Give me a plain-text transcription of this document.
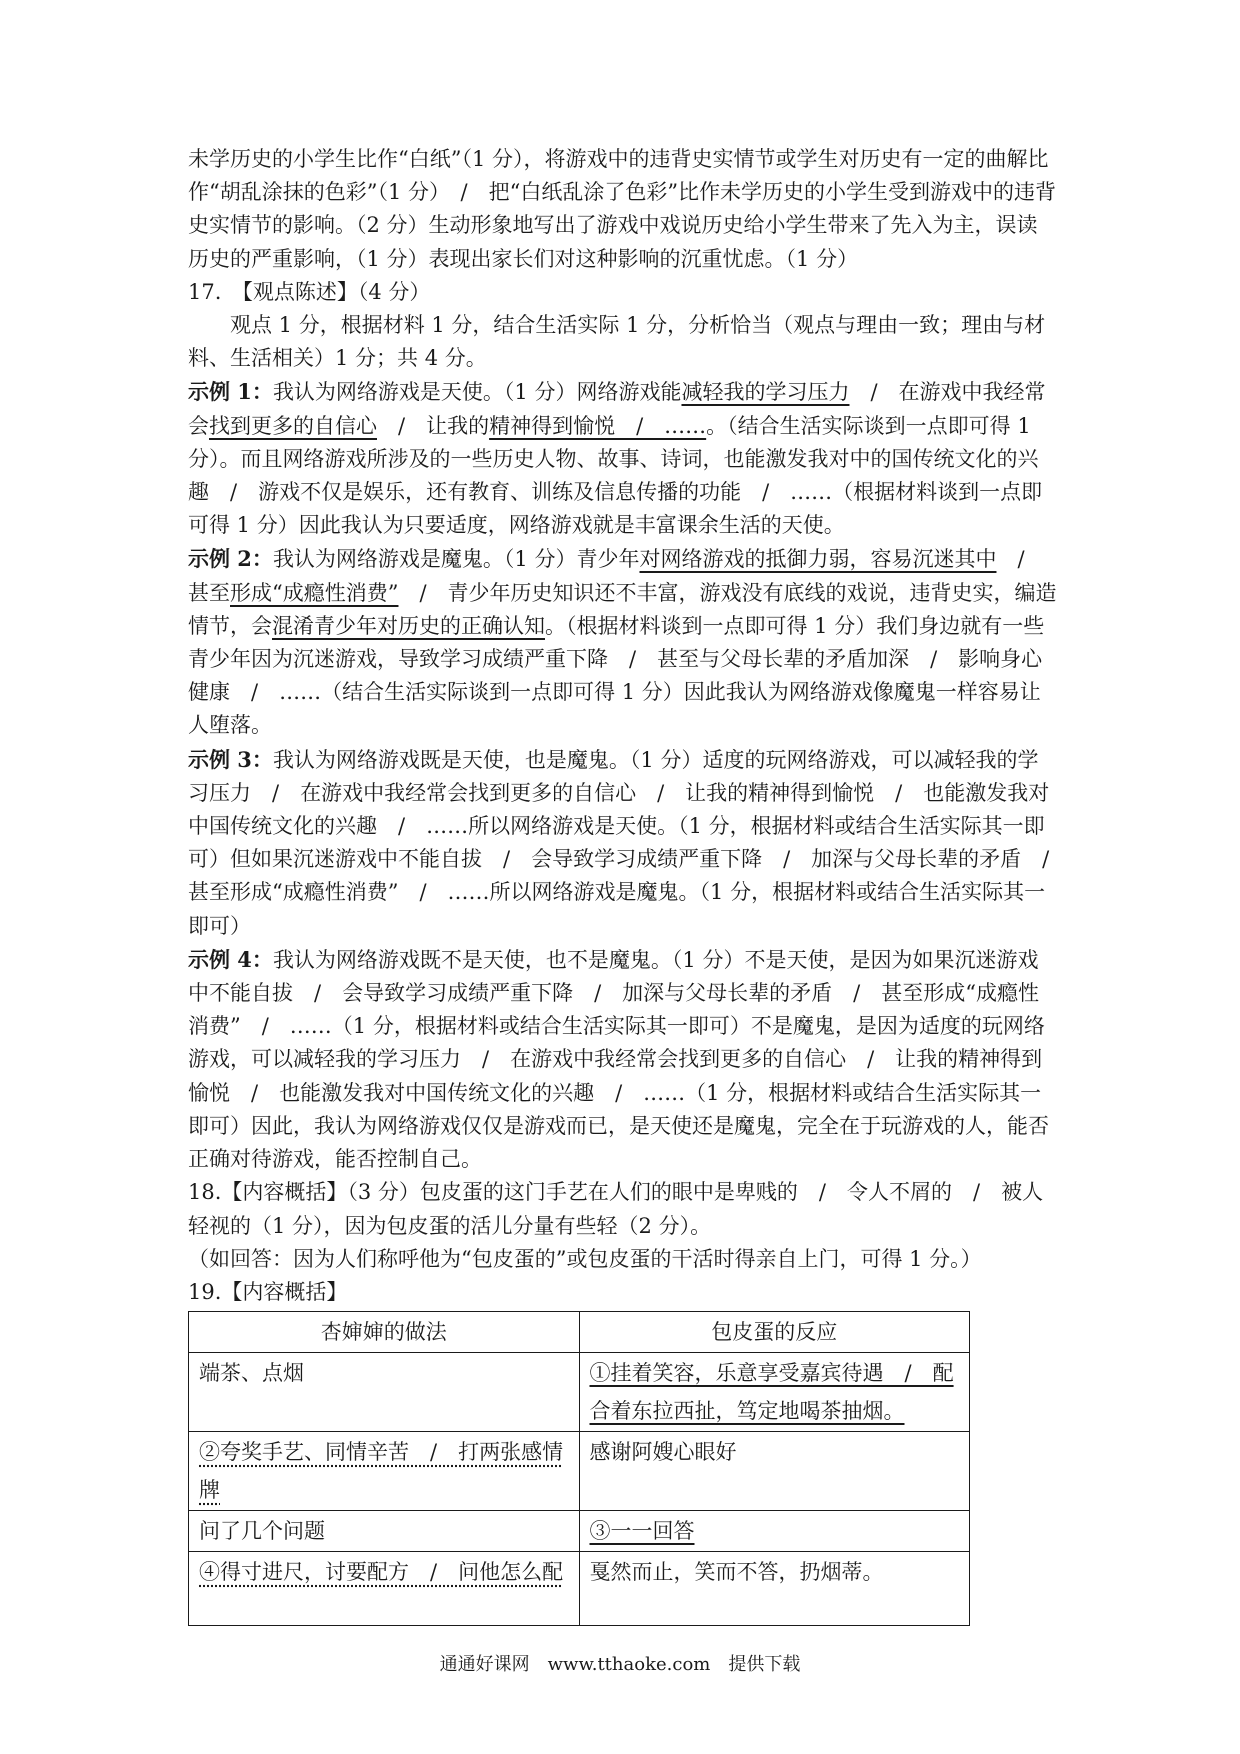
未学历史的小学生比作“白纸”（1 分），将游戏中的违背史实情节或学生对历史有一定的曲解比作“胡乱涂抹的色彩”（1 分）　/　把“白纸乱涂了色彩”比作未学历史的小学生受到游戏中的违背史实情节的影响。（2 分）生动形象地写出了游戏中戏说历史给小学生带来了先入为主，误读历史的严重影响，（1 分）表现出家长们对这种影响的沉重忧虑。（1 分）

17.　【观点陈述】（4 分）

观点 1 分，根据材料 1 分，结合生活实际 1 分，分析恰当（观点与理由一致；理由与材料、生活相关）1 分；共 4 分。

示例 1：我认为网络游戏是天使。（1 分）网络游戏能减轻我的学习压力　/　在游戏中我经常会找到更多的自信心　/　让我的精神得到愉悦　/　……。（结合生活实际谈到一点即可得 1 分）。而且网络游戏所涉及的一些历史人物、故事、诗词，也能激发我对中的国传统文化的兴趣　/　游戏不仅是娱乐，还有教育、训练及信息传播的功能　/　……（根据材料谈到一点即可得 1 分）因此我认为只要适度，网络游戏就是丰富课余生活的天使。

示例 2：我认为网络游戏是魔鬼。（1 分）青少年对网络游戏的抵御力弱，容易沉迷其中　/　甚至形成“成瘾性消费”　/　青少年历史知识还不丰富，游戏没有底线的戏说，违背史实，编造情节，会混淆青少年对历史的正确认知。（根据材料谈到一点即可得 1 分）我们身边就有一些青少年因为沉迷游戏，导致学习成绩严重下降　/　甚至与父母长辈的矛盾加深　/　影响身心健康　/　……（结合生活实际谈到一点即可得 1 分）因此我认为网络游戏像魔鬼一样容易让人堕落。

示例 3：我认为网络游戏既是天使，也是魔鬼。（1 分）适度的玩网络游戏，可以减轻我的学习压力　/　在游戏中我经常会找到更多的自信心　/　让我的精神得到愉悦　/　也能激发我对中国传统文化的兴趣　/　……所以网络游戏是天使。（1 分，根据材料或结合生活实际其一即可）但如果沉迷游戏中不能自拔　/　会导致学习成绩严重下降　/　加深与父母长辈的矛盾　/　甚至形成“成瘾性消费”　/　……所以网络游戏是魔鬼。（1 分，根据材料或结合生活实际其一即可）

示例 4：我认为网络游戏既不是天使，也不是魔鬼。（1 分）不是天使，是因为如果沉迷游戏中不能自拔　/　会导致学习成绩严重下降　/　加深与父母长辈的矛盾　/　甚至形成“成瘾性消费”　/　……（1 分，根据材料或结合生活实际其一即可）不是魔鬼，是因为适度的玩网络游戏，可以减轻我的学习压力　/　在游戏中我经常会找到更多的自信心　/　让我的精神得到愉悦　/　也能激发我对中国传统文化的兴趣　/　……（1 分，根据材料或结合生活实际其一即可）因此，我认为网络游戏仅仅是游戏而已，是天使还是魔鬼，完全在于玩游戏的人，能否正确对待游戏，能否控制自己。

18.【内容概括】（3 分）包皮蛋的这门手艺在人们的眼中是卑贱的　/　令人不屑的　/　被人轻视的（1 分），因为包皮蛋的活儿分量有些轻（2 分）。

（如回答：因为人们称呼他为“包皮蛋的”或包皮蛋的干活时得亲自上门，可得 1 分。）

19.【内容概括】

杏婶婶的做法	包皮蛋的反应
端茶、点烟	①挂着笑容，乐意享受嘉宾待遇　/　配合着东拉西扯，笃定地喝茶抽烟。
②夸奖手艺、同情辛苦　/　打两张感情牌	感谢阿嫂心眼好
问了几个问题	③一一回答
④得寸进尺，讨要配方　/　问他怎么配	戛然而止，笑而不答，扔烟蒂。
通通好课网　www.tthaoke.com　提供下载
